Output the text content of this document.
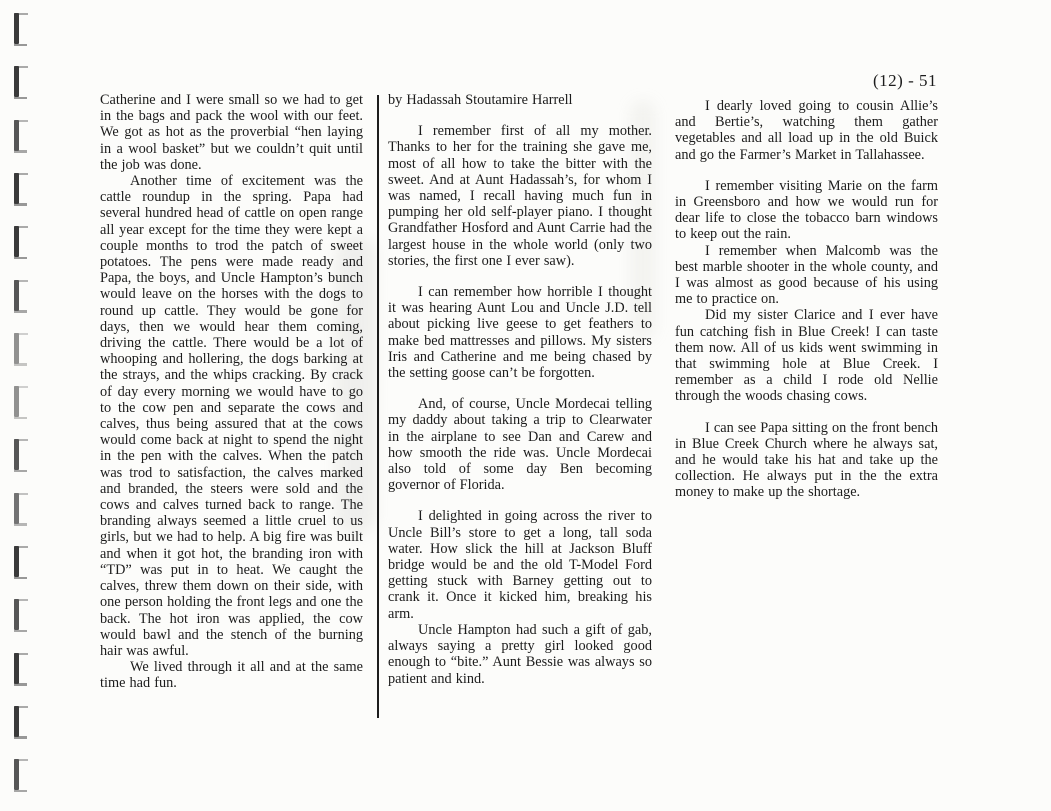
(12) - 51

Catherine and I were small so we had to get in the bags and pack the wool with our feet. We got as hot as the proverbial “hen laying in a wool basket” but we couldn’t quit until the job was done.

Another time of excitement was the cattle roundup in the spring. Papa had several hundred head of cattle on open range all year except for the time they were kept a couple months to trod the patch of sweet potatoes. The pens were made ready and Papa, the boys, and Uncle Hampton’s bunch would leave on the horses with the dogs to round up cattle. They would be gone for days, then we would hear them coming, driving the cattle. There would be a lot of whooping and hollering, the dogs barking at the strays, and the whips cracking. By crack of day every morning we would have to go to the cow pen and separate the cows and calves, thus being assured that at the cows would come back at night to spend the night in the pen with the calves. When the patch was trod to satisfaction, the calves marked and branded, the steers were sold and the cows and calves turned back to range. The branding always seemed a little cruel to us girls, but we had to help. A big fire was built and when it got hot, the branding iron with “TD” was put in to heat. We caught the calves, threw them down on their side, with one person holding the front legs and one the back. The hot iron was applied, the cow would bawl and the stench of the burning hair was awful.

We lived through it all and at the same time had fun.

by Hadassah Stoutamire Harrell

I remember first of all my mother. Thanks to her for the training she gave me, most of all how to take the bitter with the sweet. And at Aunt Hadassah’s, for whom I was named, I recall having much fun in pumping her old self-player piano. I thought Grandfather Hosford and Aunt Carrie had the largest house in the whole world (only two stories, the first one I ever saw).

I can remember how horrible I thought it was hearing Aunt Lou and Uncle J.D. tell about picking live geese to get feathers to make bed mattresses and pillows. My sisters Iris and Catherine and me being chased by the setting goose can’t be forgotten.

And, of course, Uncle Mordecai telling my daddy about taking a trip to Clearwater in the airplane to see Dan and Carew and how smooth the ride was. Uncle Mordecai also told of some day Ben becoming governor of Florida.

I delighted in going across the river to Uncle Bill’s store to get a long, tall soda water. How slick the hill at Jackson Bluff bridge would be and the old T-Model Ford getting stuck with Barney getting out to crank it. Once it kicked him, breaking his arm.

Uncle Hampton had such a gift of gab, always saying a pretty girl looked good enough to “bite.” Aunt Bessie was always so patient and kind.

I dearly loved going to cousin Allie’s and Bertie’s, watching them gather vegetables and all load up in the old Buick and go the Farmer’s Market in Tallahassee.

I remember visiting Marie on the farm in Greensboro and how we would run for dear life to close the tobacco barn windows to keep out the rain.

I remember when Malcomb was the best marble shooter in the whole county, and I was almost as good because of his using me to practice on.

Did my sister Clarice and I ever have fun catching fish in Blue Creek! I can taste them now. All of us kids went swimming in that swimming hole at Blue Creek. I remember as a child I rode old Nellie through the woods chasing cows.

I can see Papa sitting on the front bench in Blue Creek Church where he always sat, and he would take his hat and take up the collection. He always put in the the extra money to make up the shortage.
